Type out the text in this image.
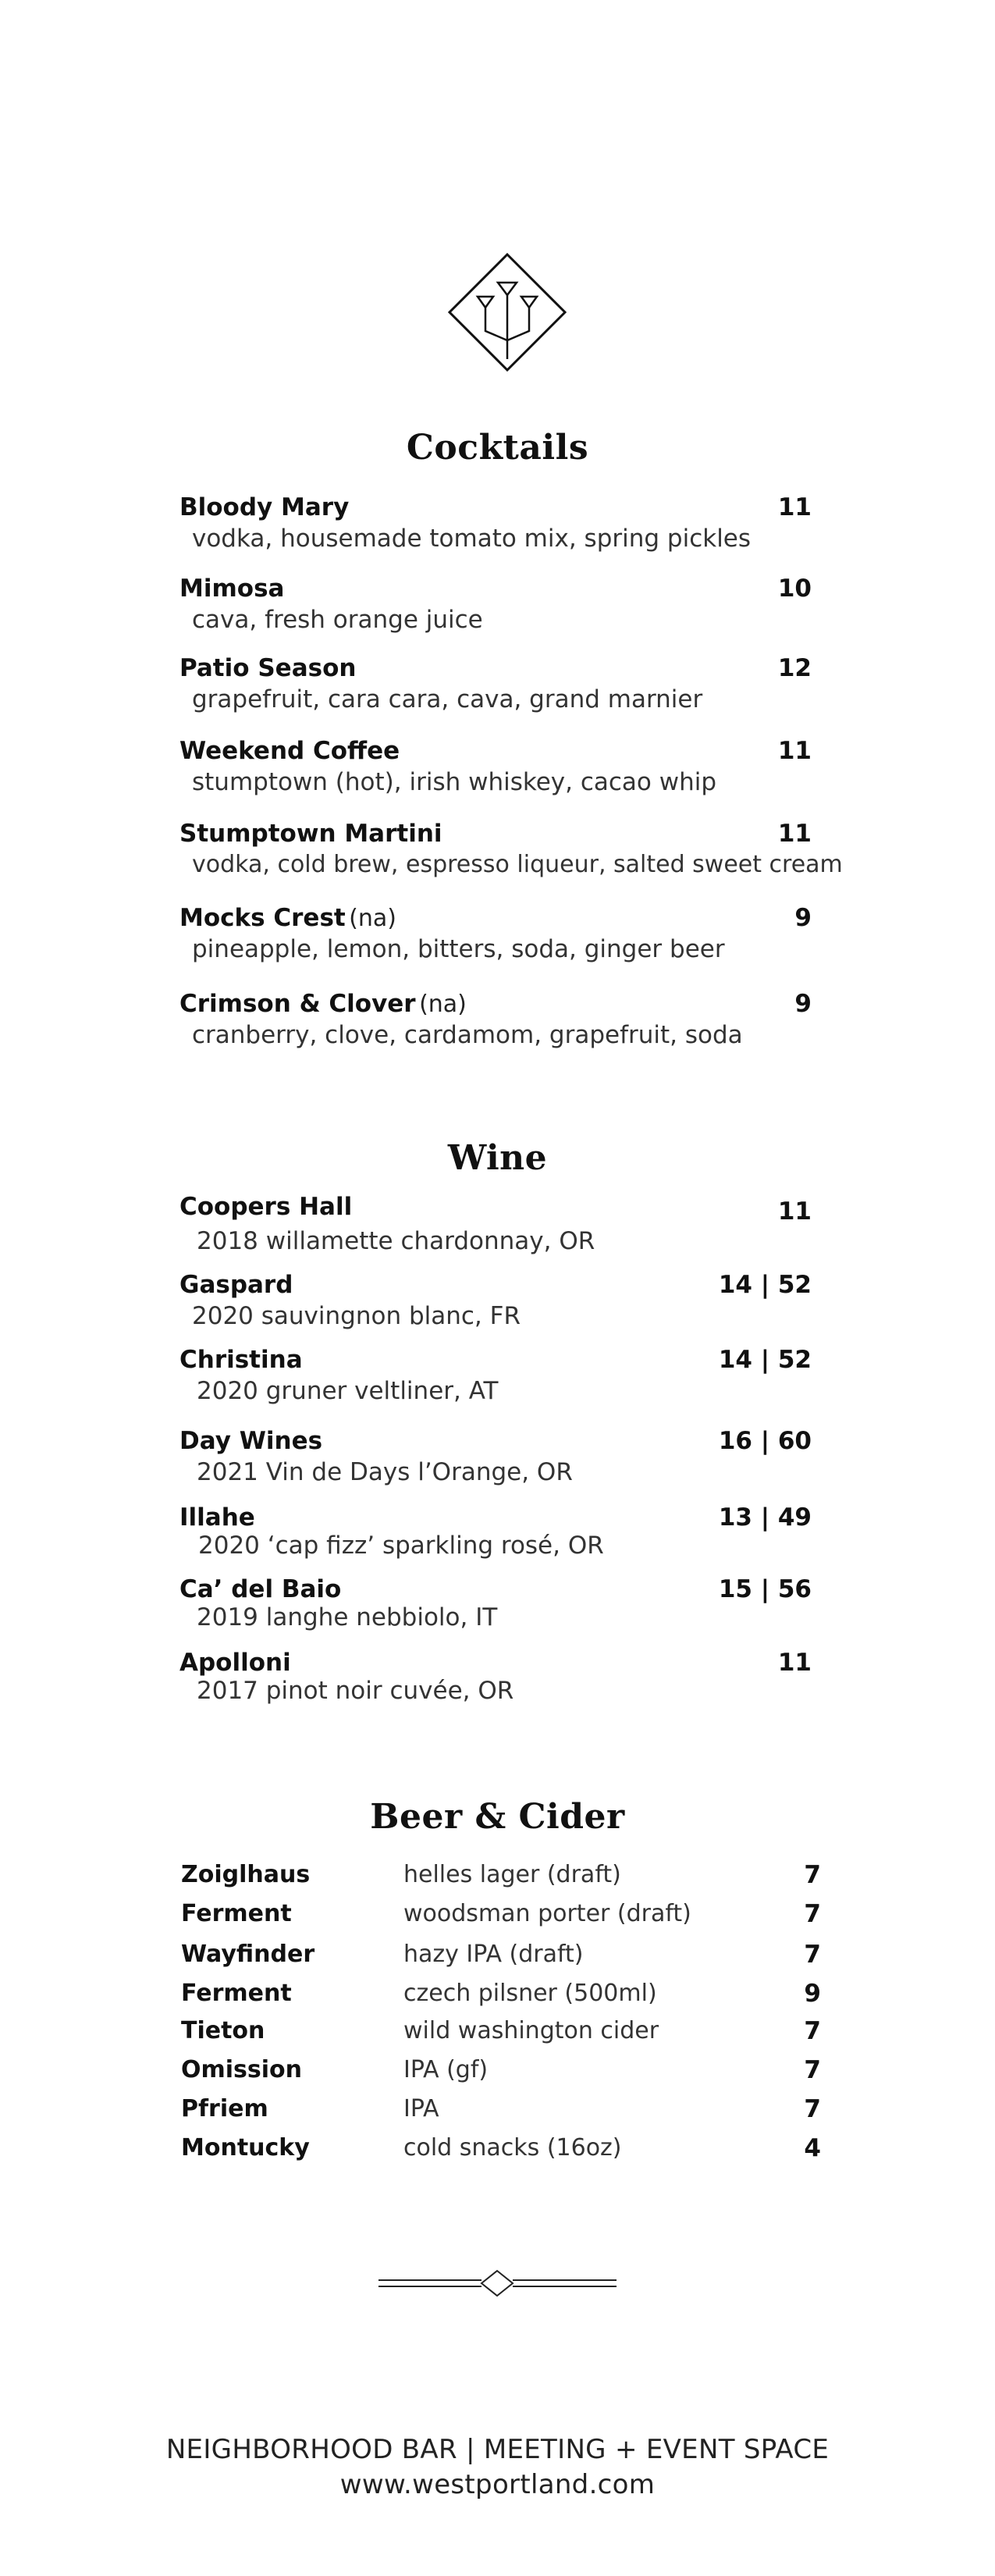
Cocktails
Bloody Mary	11
vodka, housemade tomato mix, spring pickles
Mimosa	10
cava, fresh orange juice
Patio Season	12
grapefruit, cara cara, cava, grand marnier
Weekend Coffee	11
stumptown (hot), irish whiskey, cacao whip
Stumptown Martini	11
vodka, cold brew, espresso liqueur, salted sweet cream
Mocks Crest (na)	9
pineapple, lemon, bitters, soda, ginger beer
Crimson & Clover (na)	9
cranberry, clove, cardamom, grapefruit, soda
Wine
Coopers Hall	11
2018 willamette chardonnay, OR
Gaspard	14 | 52
2020 sauvingnon blanc, FR
Christina	14 | 52
2020 gruner veltliner, AT
Day Wines	16 | 60
2021 Vin de Days l’Orange, OR
Illahe	13 | 49
2020 ‘cap fizz’ sparkling rosé, OR
Ca’ del Baio	15 | 56
2019 langhe nebbiolo, IT
Apolloni	11
2017 pinot noir cuvée, OR
Beer & Cider
Zoiglhaus	helles lager (draft)	7
Ferment	woodsman porter (draft)	7
Wayfinder	hazy IPA (draft)	7
Ferment	czech pilsner (500ml)	9
Tieton	wild washington cider	7
Omission	IPA (gf)	7
Pfriem	IPA	7
Montucky	cold snacks (16oz)	4
NEIGHBORHOOD BAR | MEETING + EVENT SPACE
www.westportland.com
